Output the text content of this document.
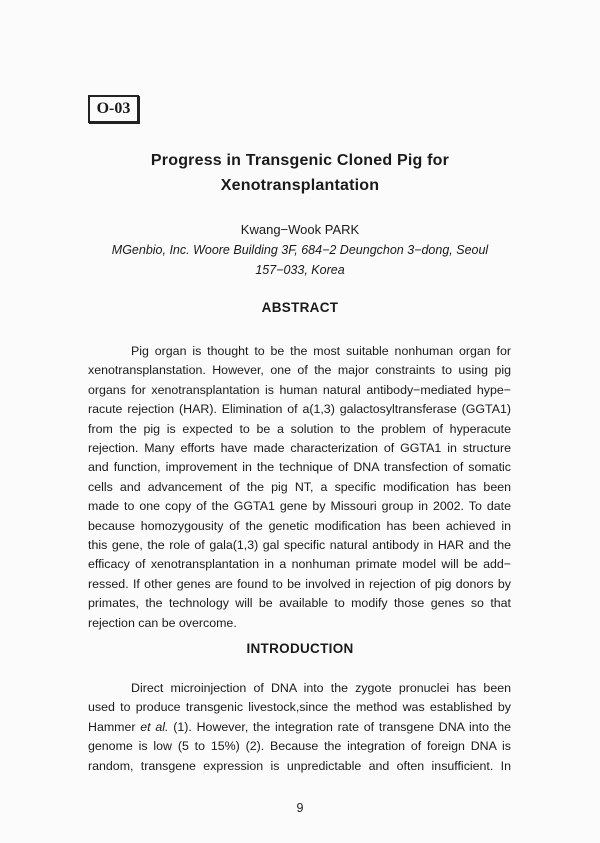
O-03
Progress in Transgenic Cloned Pig for
Xenotransplantation
Kwang−Wook PARK
MGenbio, Inc. Woore Building 3F, 684−2 Deungchon 3−dong, Seoul
157−033, Korea
ABSTRACT
Pig organ is thought to be the most suitable nonhuman organ for
xenotransplanstation. However, one of the major constraints to using pig
organs for xenotransplantation is human natural antibody−mediated hype−
racute rejection (HAR). Elimination of a(1,3) galactosyltransferase (GGTA1)
from the pig is expected to be a solution to the problem of hyperacute
rejection. Many efforts have made characterization of GGTA1 in structure
and function, improvement in the technique of DNA transfection of somatic
cells and advancement of the pig NT, a specific modification has been
made to one copy of the GGTA1 gene by Missouri group in 2002. To date
because homozygousity of the genetic modification has been achieved in
this gene, the role of gala(1,3) gal specific natural antibody in HAR and the
efficacy of xenotransplantation in a nonhuman primate model will be add−
ressed. If other genes are found to be involved in rejection of pig donors by
primates, the technology will be available to modify those genes so that
rejection can be overcome.
INTRODUCTION
Direct microinjection of DNA into the zygote pronuclei has been
used to produce transgenic livestock,since the method was established by
Hammer et al. (1). However, the integration rate of transgene DNA into the
genome is low (5 to 15%) (2). Because the integration of foreign DNA is
random, transgene expression is unpredictable and often insufficient. In
9
